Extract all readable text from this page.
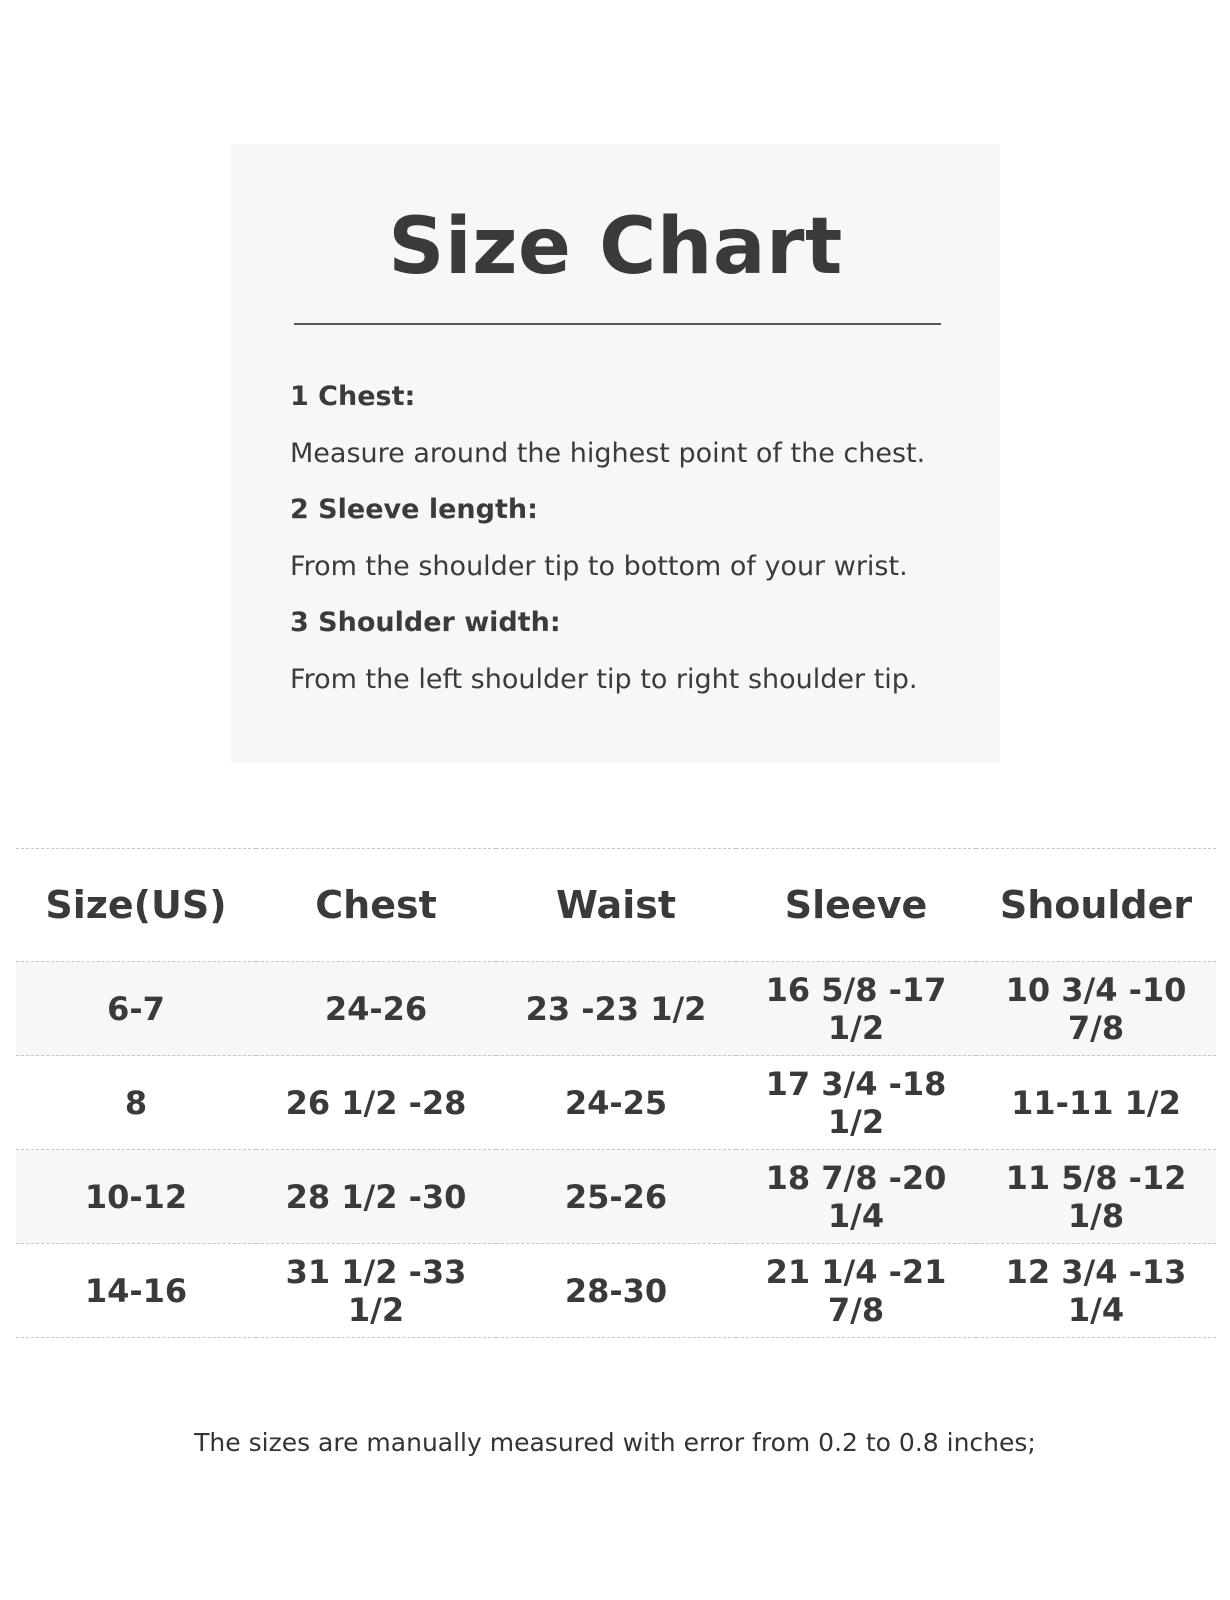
Size Chart
1 Chest:
Measure around the highest point of the chest.
2 Sleeve length:
From the shoulder tip to bottom of your wrist.
3 Shoulder width:
From the left shoulder tip to right shoulder tip.
Size(US)	Chest	Waist	Sleeve	Shoulder
6-7	24-26	23 -23 1/2	16 5/8 -17 1/2	10 3/4 -10 7/8
8	26 1/2 -28	24-25	17 3/4 -18 1/2	11-11 1/2
10-12	28 1/2 -30	25-26	18 7/8 -20 1/4	11 5/8 -12 1/8
14-16	31 1/2 -33 1/2	28-30	21 1/4 -21 7/8	12 3/4 -13 1/4
The sizes are manually measured with error from 0.2 to 0.8 inches;
